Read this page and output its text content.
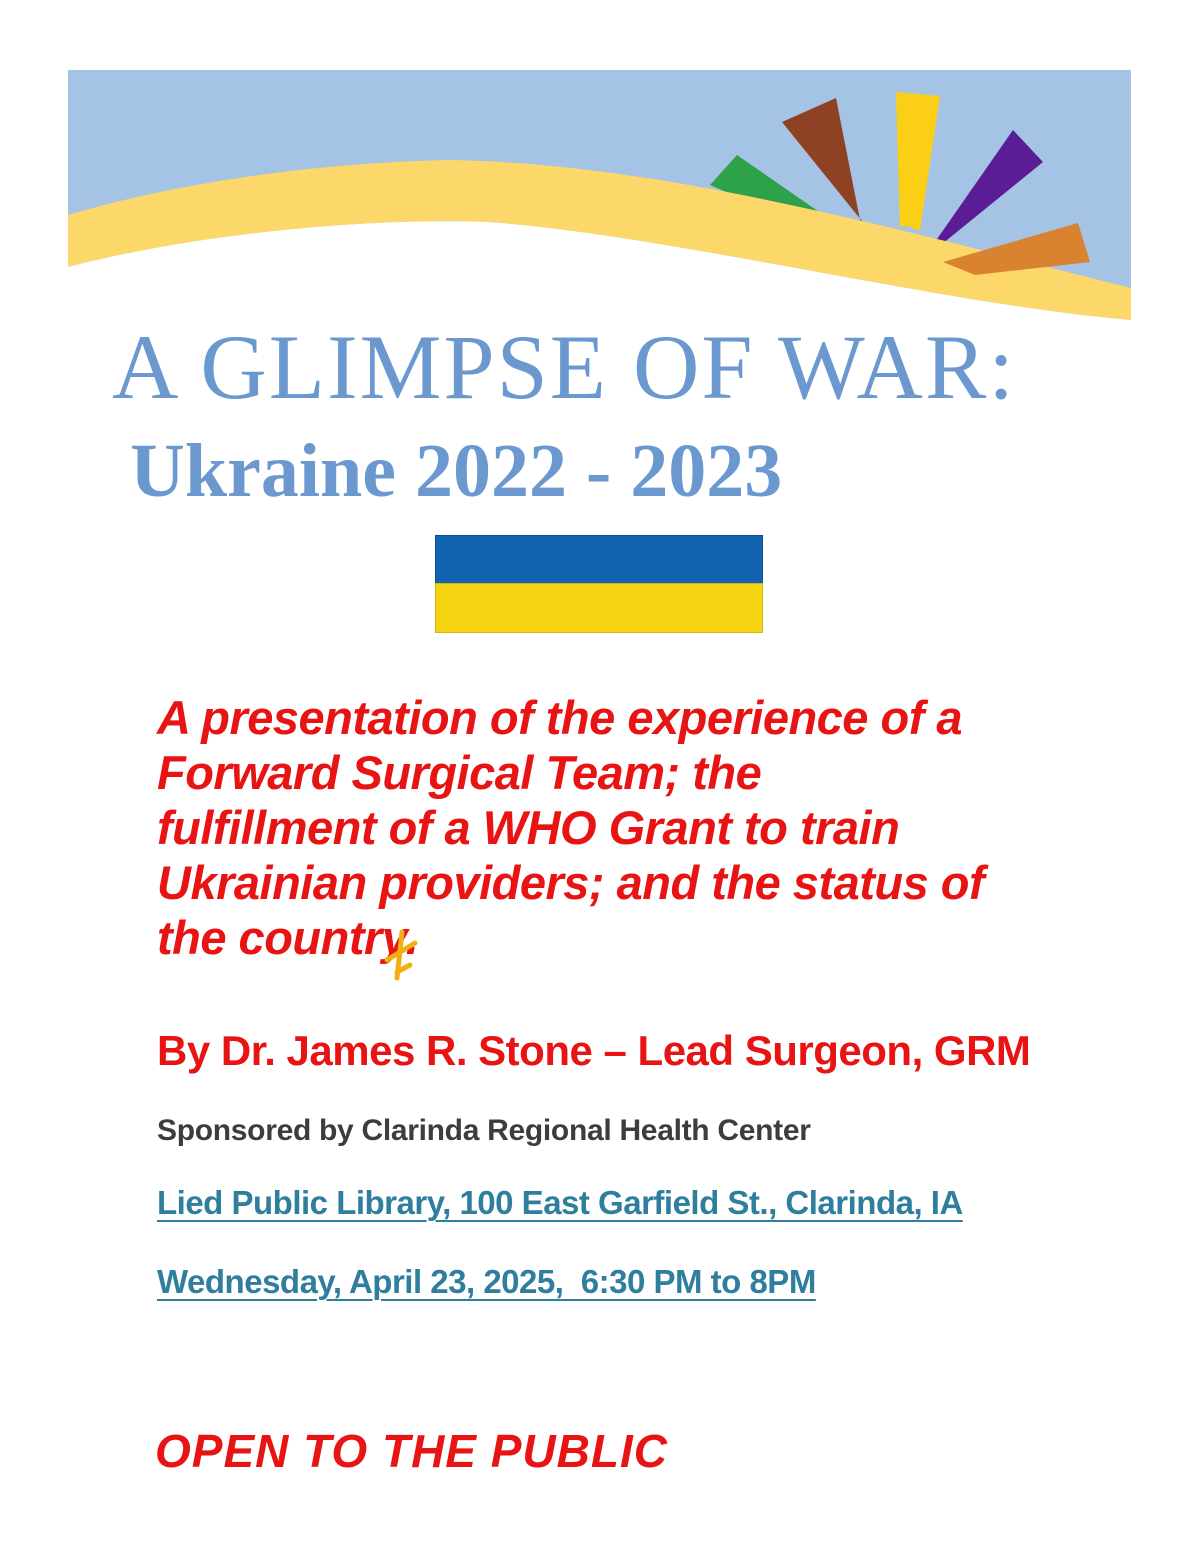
A GLIMPSE OF WAR:
Ukraine 2022 - 2023
A presentation of the experience of a
Forward Surgical Team; the
fulfillment of a WHO Grant to train
Ukrainian providers; and the status of
the country.
By Dr. James R. Stone – Lead Surgeon, GRM
Sponsored by Clarinda Regional Health Center
Lied Public Library, 100 East Garfield St., Clarinda, IA
Wednesday, April 23, 2025,  6:30 PM to 8PM
OPEN TO THE PUBLIC
